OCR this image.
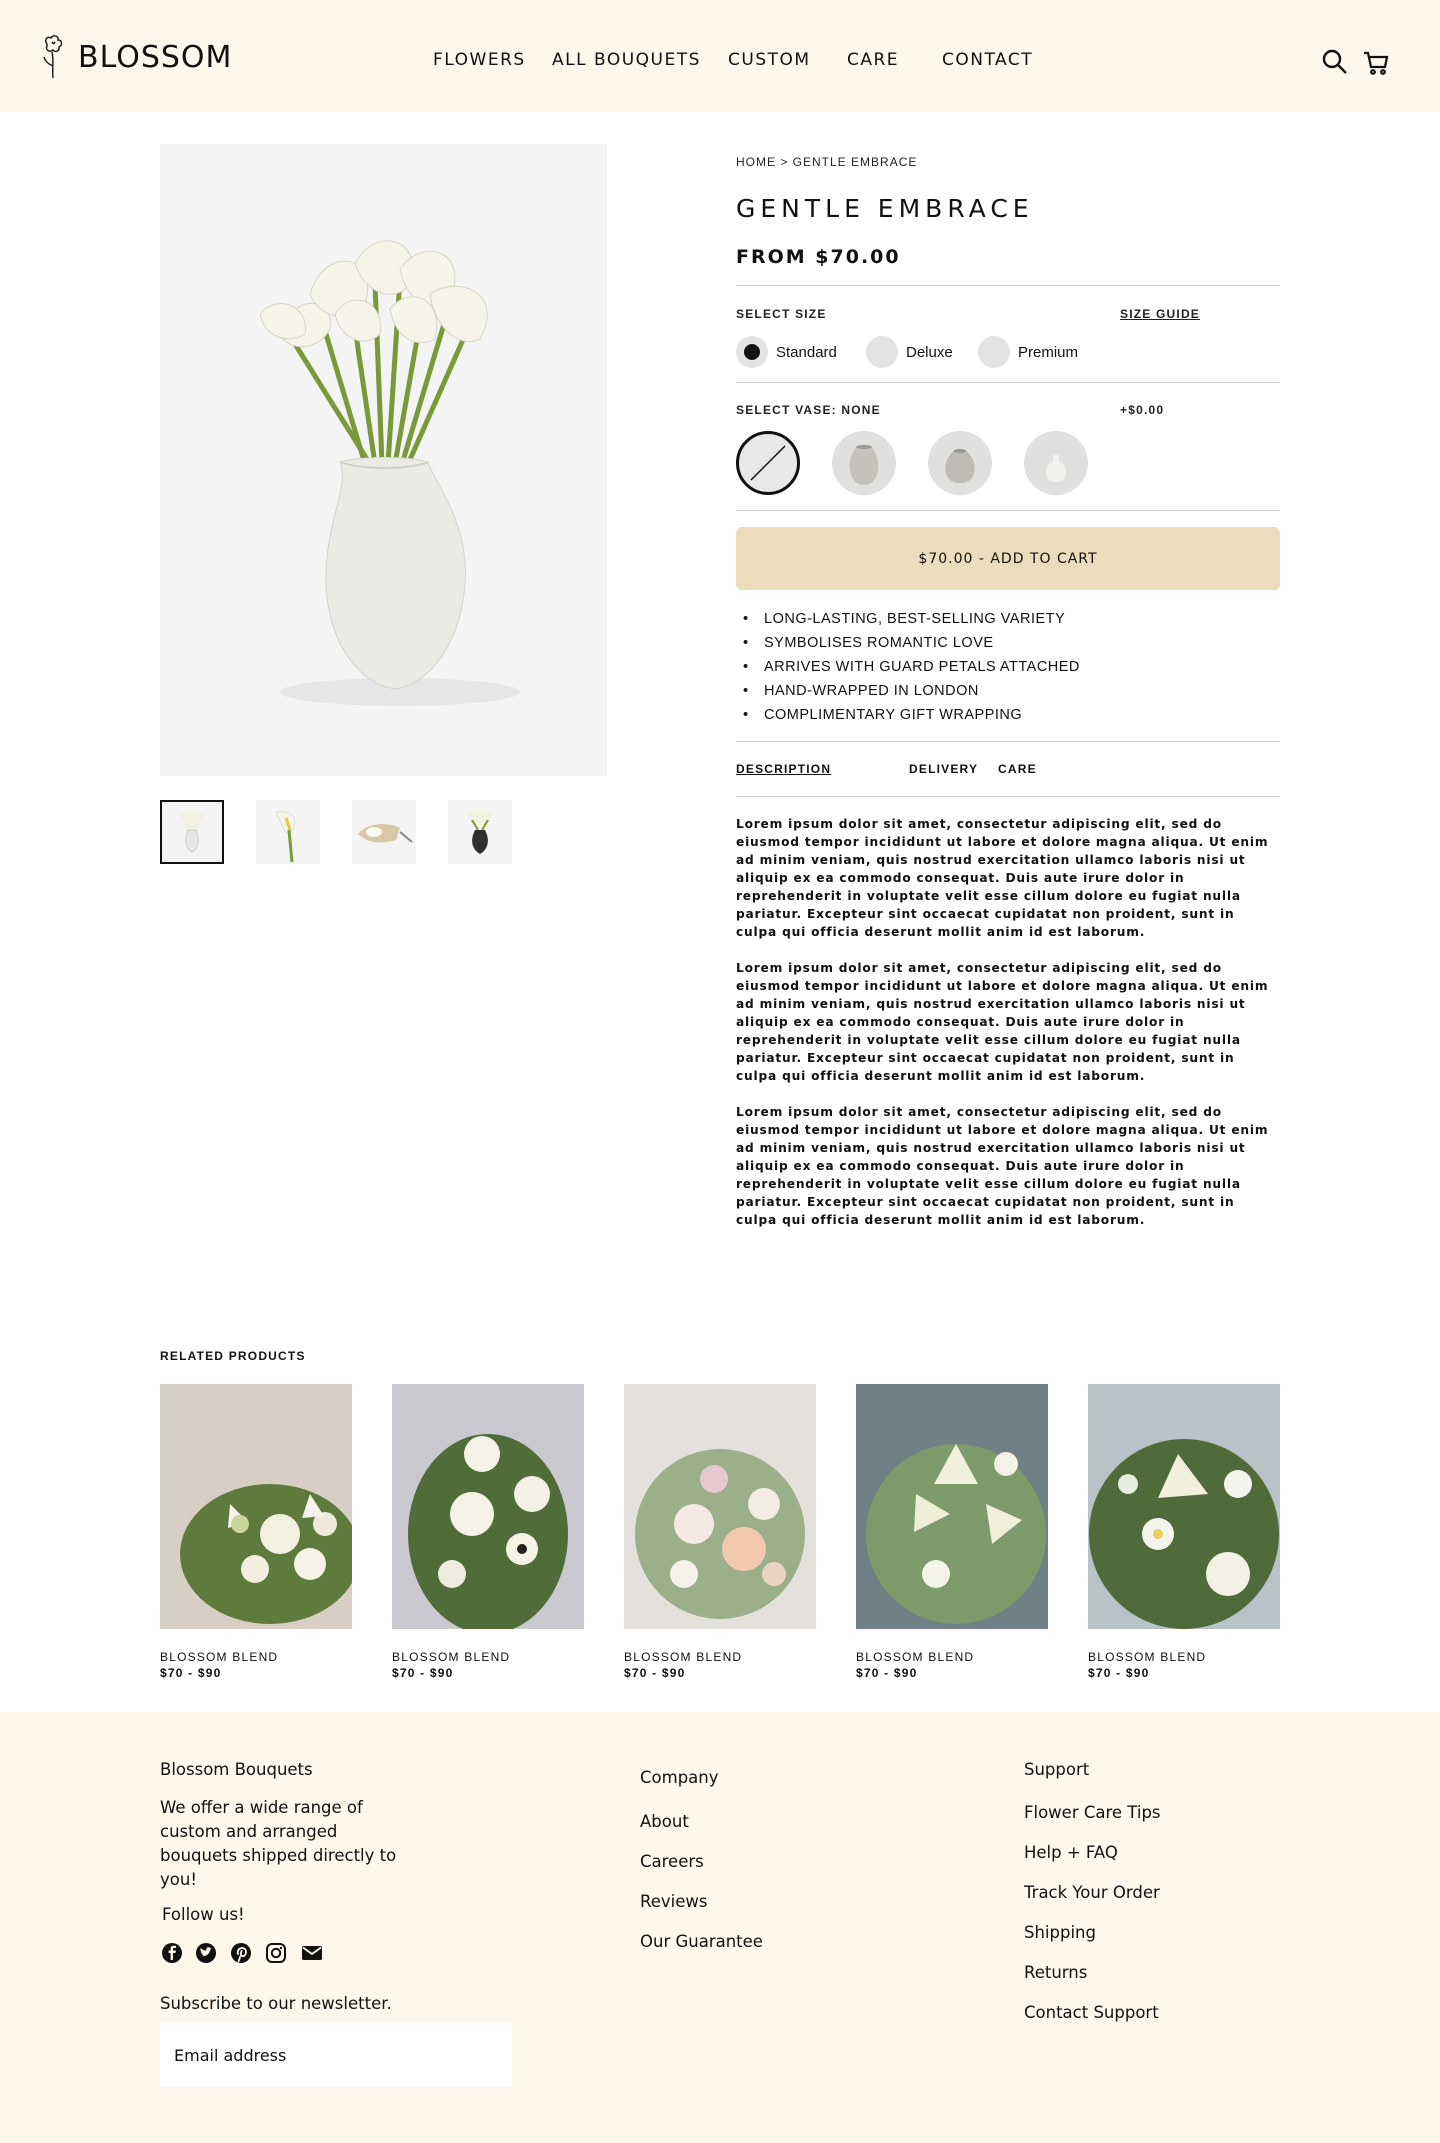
BLOSSOM	FLOWERS ALL BOUQUETS CUSTOM CARE	CONTACT
HOME > GENTLE EMBRACE
GENTLE EMBRACE
FROM $70.00
SELECT SIZE	SIZE GUIDE
Standard	Deluxe	Premium
SELECT VASE: NONE	+$0.00
$70.00 - ADD TO CART
• LONG-LASTING, BEST-SELLING VARIETY
• SYMBOLISES ROMANTIC LOVE
• ARRIVES WITH GUARD PETALS ATTACHED
• HAND-WRAPPED IN LONDON
• COMPLIMENTARY GIFT WRAPPING
DESCRIPTION	DELIVERY CARE

Lorem ipsum dolor sit amet, consectetur adipiscing elit, sed do eiusmod tempor incididunt ut labore et dolore magna aliqua. Ut enim ad minim veniam, quis nostrud exercitation ullamco laboris nisi ut aliquip ex ea commodo consequat. Duis aute irure dolor in reprehenderit in voluptate velit esse cillum dolore eu fugiat nulla pariatur. Excepteur sint occaecat cupidatat non proident, sunt in culpa qui officia deserunt mollit anim id est laborum.

Lorem ipsum dolor sit amet, consectetur adipiscing elit, sed do eiusmod tempor incididunt ut labore et dolore magna aliqua. Ut enim ad minim veniam, quis nostrud exercitation ullamco laboris nisi ut aliquip ex ea commodo consequat. Duis aute irure dolor in reprehenderit in voluptate velit esse cillum dolore eu fugiat nulla pariatur. Excepteur sint occaecat cupidatat non proident, sunt in culpa qui officia deserunt mollit anim id est laborum.

Lorem ipsum dolor sit amet, consectetur adipiscing elit, sed do eiusmod tempor incididunt ut labore et dolore magna aliqua. Ut enim ad minim veniam, quis nostrud exercitation ullamco laboris nisi ut aliquip ex ea commodo consequat. Duis aute irure dolor in reprehenderit in voluptate velit esse cillum dolore eu fugiat nulla pariatur. Excepteur sint occaecat cupidatat non proident, sunt in culpa qui officia deserunt mollit anim id est laborum.

RELATED PRODUCTS
BLOSSOM BLEND
$70 - $90
BLOSSOM BLEND
$70 - $90
BLOSSOM BLEND
$70 - $90
BLOSSOM BLEND
$70 - $90
BLOSSOM BLEND
$70 - $90
Blossom Bouquets
We offer a wide range of custom and arranged bouquets shipped directly to you!
Follow us!
Subscribe to our newsletter.
Email address
Company
About
Careers
Reviews
Our Guarantee
Support
Flower Care Tips
Help + FAQ
Track Your Order
Shipping
Returns
Contact Support
